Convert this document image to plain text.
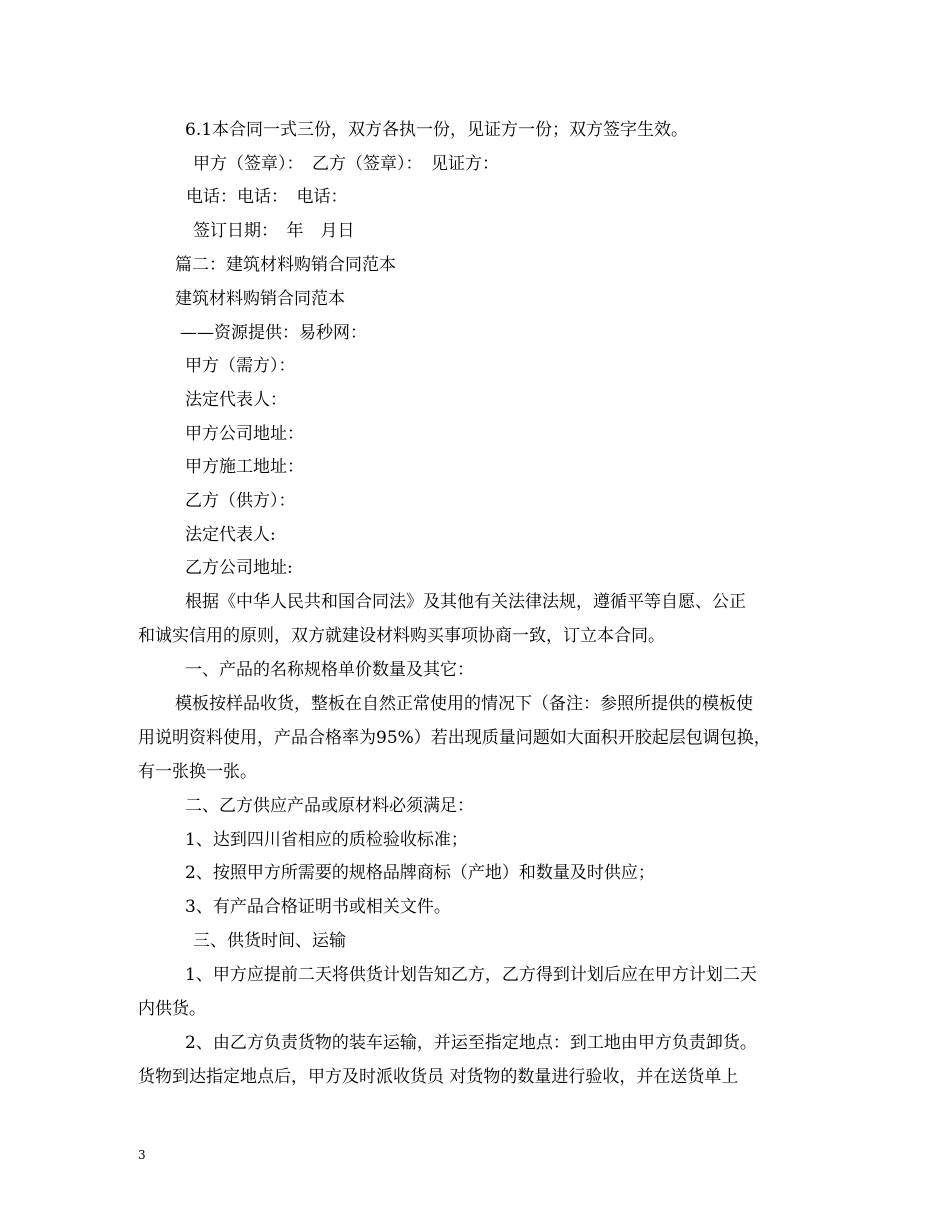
6.1本合同一式三份，双方各执一份，见证方一份；双方签字生效。
甲方（签章）：　乙方（签章）：　见证方：
电话：电话：　电话：
签订日期：　年　月日
篇二：建筑材料购销合同范本
建筑材料购销合同范本
——资源提供：易秒网：
甲方（需方）：
法定代表人：
甲方公司地址：
甲方施工地址：
乙方（供方）：
法定代表人:
乙方公司地址:
根据《中华人民共和国合同法》及其他有关法律法规，遵循平等自愿、公正
和诚实信用的原则，双方就建设材料购买事项协商一致，订立本合同。
一、产品的名称规格单价数量及其它：
模板按样品收货，整板在自然正常使用的情况下（备注：参照所提供的模板使
用说明资料使用，产品合格率为95%）若出现质量问题如大面积开胶起层包调包换，
有一张换一张。
二、乙方供应产品或原材料必须满足：
1、达到四川省相应的质检验收标准；
2、按照甲方所需要的规格品牌商标（产地）和数量及时供应；
3、有产品合格证明书或相关文件。
三、供货时间、运输
1、甲方应提前二天将供货计划告知乙方，乙方得到计划后应在甲方计划二天
内供货。
2、由乙方负责货物的装车运输，并运至指定地点：到工地由甲方负责卸货。
货物到达指定地点后，甲方及时派收货员 对货物的数量进行验收，并在送货单上
3
